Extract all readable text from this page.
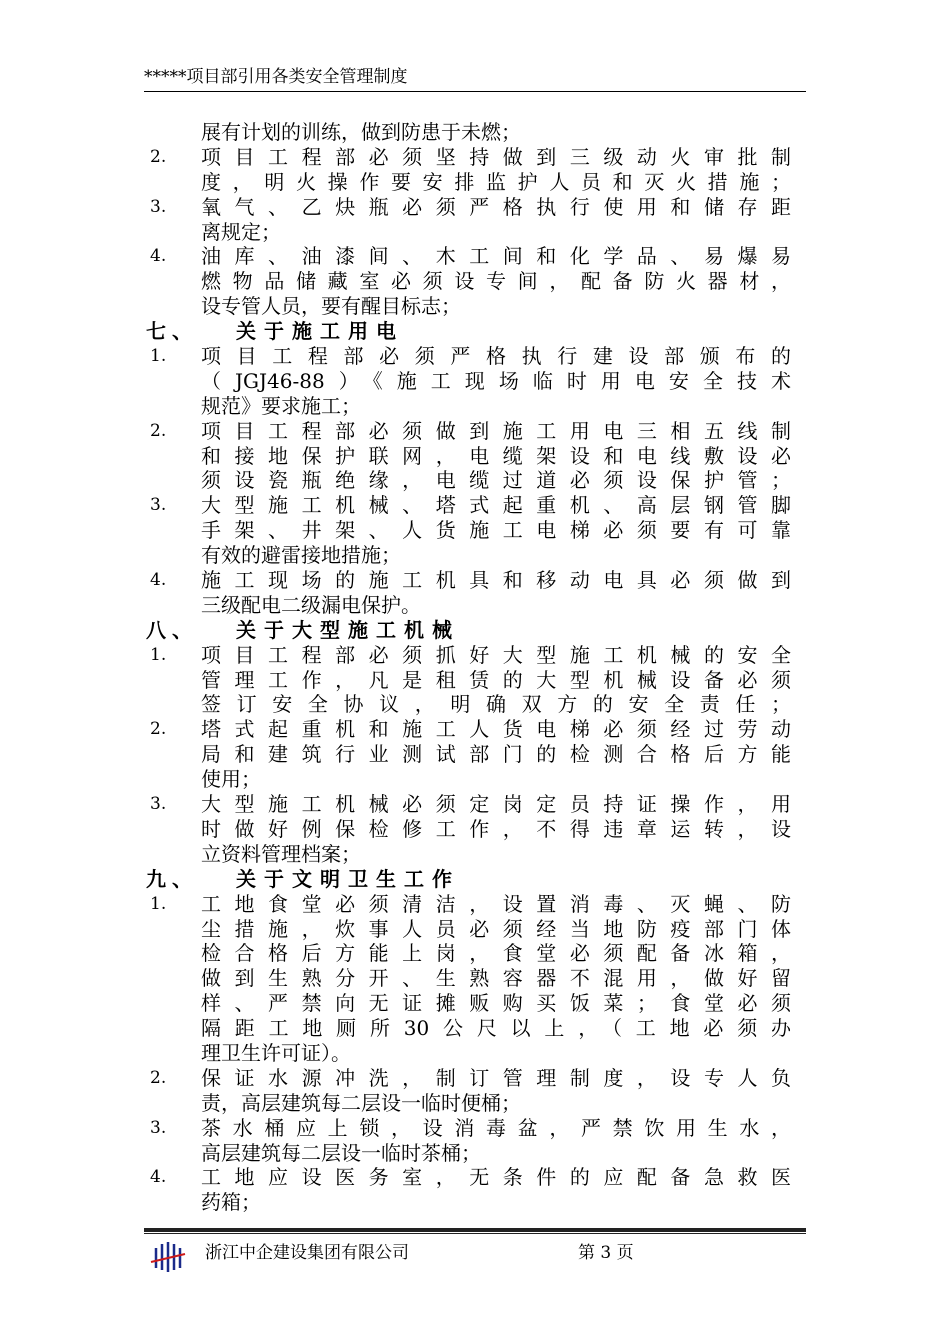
*****项目部引用各类安全管理制度
展有计划的训练，做到防患于未燃；
2.	项目工程部必须坚持做到三级动火审批制
度，明火操作要安排监护人员和灭火措施；
3.	氧气、乙炔瓶必须严格执行使用和储存距
离规定；
4.	油库、油漆间、木工间和化学品、易爆易
燃物品储藏室必须设专间，配备防火器材，
设专管人员，要有醒目标志；
七、 关于施工用电
1.	项目工程部必须严格执行建设部颁布的
（JGJ46-88）《施工现场临时用电安全技术
规范》要求施工；
2.	项目工程部必须做到施工用电三相五线制
和接地保护联网，电缆架设和电线敷设必
须设瓷瓶绝缘，电缆过道必须设保护管；
3.	大型施工机械、塔式起重机、高层钢管脚
手架、井架、人货施工电梯必须要有可靠
有效的避雷接地措施；
4.	施工现场的施工机具和移动电具必须做到
三级配电二级漏电保护。
八、 关于大型施工机械
1.	项目工程部必须抓好大型施工机械的安全
管理工作，凡是租赁的大型机械设备必须
签订安全协议，明确双方的安全责任；
2.	塔式起重机和施工人货电梯必须经过劳动
局和建筑行业测试部门的检测合格后方能
使用；
3.	大型施工机械必须定岗定员持证操作，用
时做好例保检修工作，不得违章运转，设
立资料管理档案；
九、 关于文明卫生工作
1.	工地食堂必须清洁，设置消毒、灭蝇、防
尘措施，炊事人员必须经当地防疫部门体
检合格后方能上岗，食堂必须配备冰箱，
做到生熟分开、生熟容器不混用，做好留
样、严禁向无证摊贩购买饭菜；食堂必须
隔距工地厕所30公尺以上，（工地必须办
理卫生许可证）。
2.	保证水源冲洗，制订管理制度，设专人负
责，高层建筑每二层设一临时便桶；
3.	茶水桶应上锁，设消毒盆，严禁饮用生水，
高层建筑每二层设一临时茶桶；
4.	工地应设医务室，无条件的应配备急救医
药箱；
浙江中企建设集团有限公司	第 3 页
